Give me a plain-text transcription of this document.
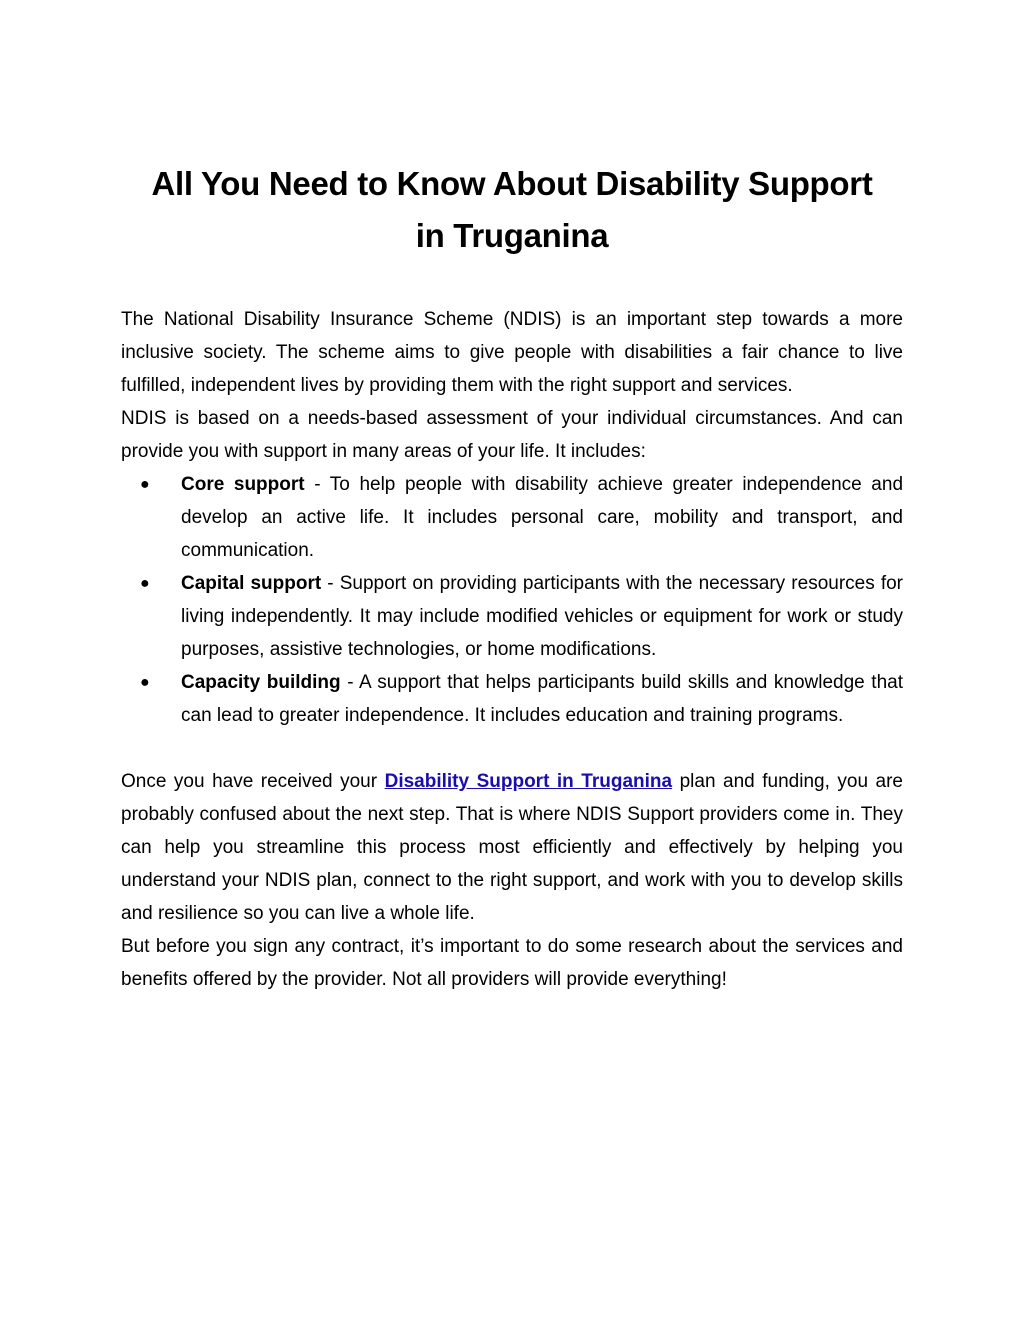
All You Need to Know About Disability Support
in Truganina

The National Disability Insurance Scheme (NDIS) is an important step towards a more inclusive society. The scheme aims to give people with disabilities a fair chance to live fulfilled, independent lives by providing them with the right support and services.

NDIS is based on a needs-based assessment of your individual circumstances. And can provide you with support in many areas of your life. It includes:

● Core support - To help people with disability achieve greater independence and develop an active life. It includes personal care, mobility and transport, and communication.
● Capital support - Support on providing participants with the necessary resources for living independently. It may include modified vehicles or equipment for work or study purposes, assistive technologies, or home modifications.
● Capacity building - A support that helps participants build skills and knowledge that can lead to greater independence. It includes education and training programs.

Once you have received your Disability Support in Truganina plan and funding, you are probably confused about the next step. That is where NDIS Support providers come in. They can help you streamline this process most efficiently and effectively by helping you understand your NDIS plan, connect to the right support, and work with you to develop skills and resilience so you can live a whole life.

But before you sign any contract, it’s important to do some research about the services and benefits offered by the provider. Not all providers will provide everything!
